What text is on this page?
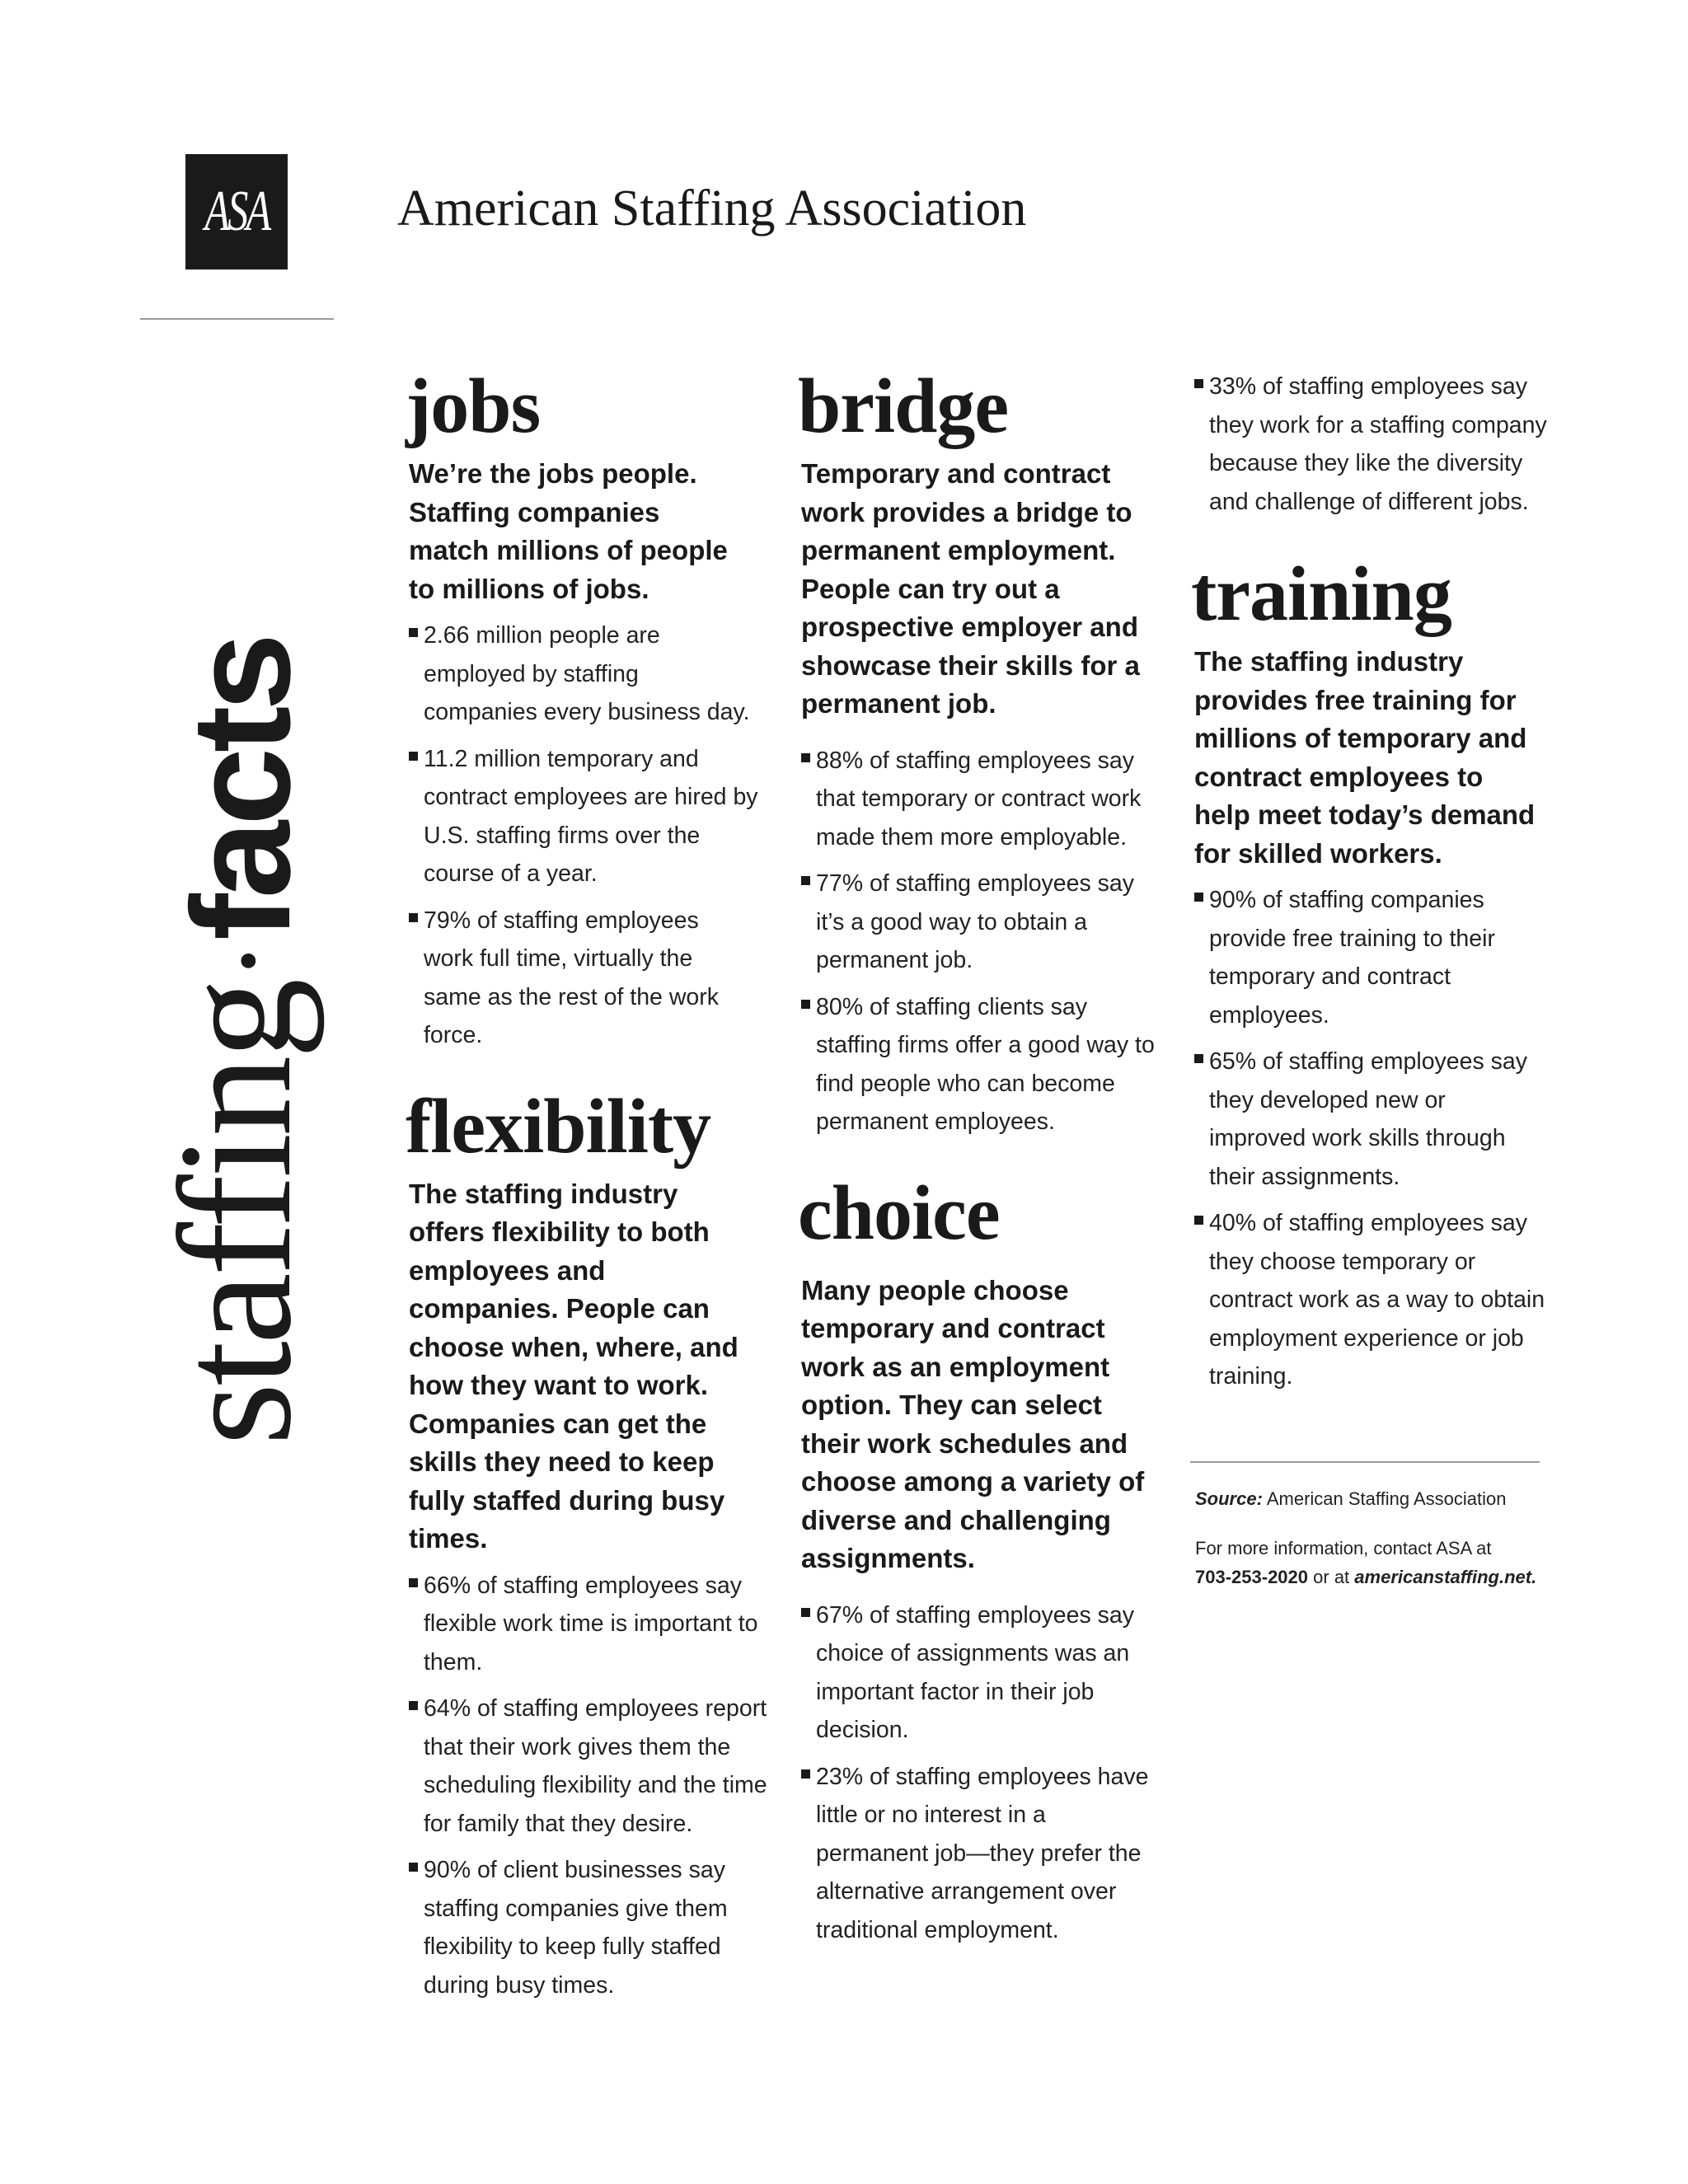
ASA	American Staffing Association
staffing·facts
jobs

We’re the jobs people. Staffing companies match millions of people to millions of jobs.

2.66 million people are employed by staffing companies every business day.
11.2 million temporary and contract employees are hired by U.S. staffing firms over the course of a year.
79% of staffing employees work full time, virtually the same as the rest of the work force.
flexibility

The staffing industry offers flexibility to both employees and companies. People can choose when, where, and how they want to work. Companies can get the skills they need to keep fully staffed during busy times.

66% of staffing employees say flexible work time is important to them.
64% of staffing employees report that their work gives them the scheduling flexibility and the time for family that they desire.
90% of client businesses say staffing companies give them flexibility to keep fully staffed during busy times.
bridge

Temporary and contract work provides a bridge to permanent employment. People can try out a prospective employer and showcase their skills for a permanent job.

88% of staffing employees say that temporary or contract work made them more employable.
77% of staffing employees say it’s a good way to obtain a permanent job.
80% of staffing clients say staffing firms offer a good way to find people who can become permanent employees.
choice

Many people choose temporary and contract work as an employment option. They can select their work schedules and choose among a variety of diverse and challenging assignments.

67% of staffing employees say choice of assignments was an important factor in their job decision.
23% of staffing employees have little or no interest in a permanent job—they prefer the alternative arrangement over traditional employment.
33% of staffing employees say they work for a staffing company because they like the diversity and challenge of different jobs.
training

The staffing industry provides free training for millions of temporary and contract employees to help meet today’s demand for skilled workers.

90% of staffing companies provide free training to their temporary and contract employees.
65% of staffing employees say they developed new or improved work skills through their assignments.
40% of staffing employees say they choose temporary or contract work as a way to obtain employment experience or job training.
Source: American Staffing Association
For more information, contact ASA at
703-253-2020 or at americanstaffing.net.
